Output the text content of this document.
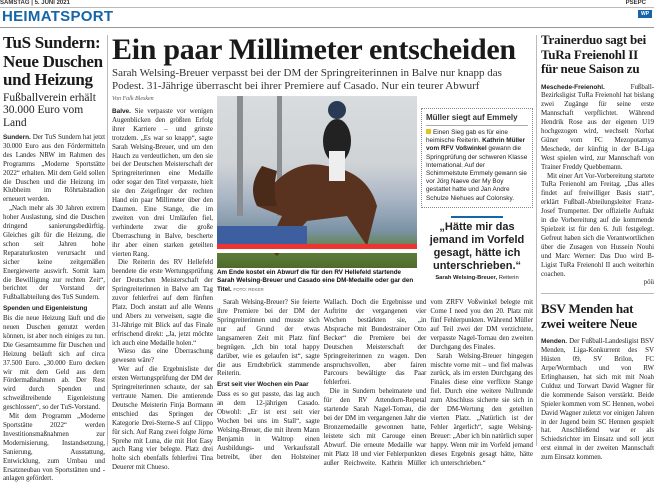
SAMSTAG | 5. JUNI 2021	PSEPC
HEIMATSPORT	WP
TuS Sundern: Neue Duschen und Heizung
Fußballverein erhält 30.000 Euro vom Land

Sundern. Der TuS Sundern hat jetzt 30.000 Euro aus den Fördermitteln des Landes NRW im Rahmen des Programms „Moderne Sportstätte 2022“ erhalten. Mit dem Geld sollen die Duschen und die Heizung im Klubheim im Röhrtalstadion erneuert werden.

„Nach mehr als 30 Jahren extrem hoher Auslastung, sind die Duschen dringend sanierungsbedürftig. Gleiches gilt für die Heizung, die schon seit Jahren hohe Reparaturkosten verursacht und sicher keine zeitgemäßen Energiewerte auswirft. Somit kam die Bewilligung zur rechten Zeit“, berichtet der Vorstand der Fußballabteilung des TuS Sundern.

Spenden und Eigenleistung

Bis die neue Heizung läuft und die neuen Duschen genutzt werden können, ist aber noch einiges zu tun. Die Gesamtsumme für Duschen und Heizung beläuft sich auf circa 37.500 Euro. „30.000 Euro decken wir mit dem Geld aus dem Fördermaßnahmen ab. Der Rest wird durch Spenden und schweißtreibende Eigenleistung geschlossen“, so der TuS-Vorstand.

Mit dem Programm „Moderne Sportstätte 2022“ werden Investitionsmaßnahmen zur Modernisierung, Instandsetzung, Sanierung, Ausstattung, Entwicklung, zum Umbau und Ersatzneubau von Sportstätten und -anlagen gefördert.

Ein paar Millimeter entscheiden
Sarah Welsing-Breuer verpasst bei der DM der Springreiterinnen in Balve nur knapp das Podest. 31-Jährige überrascht bei ihrer Premiere auf Casado. Nur ein teurer Abwurf
Von Falk Blesken

Balve. Sie verpasste vor wenigen Augenblicken den größten Erfolg ihrer Karriere – und grinste trotzdem. „Es war so knapp“, sagte Sarah Welsing-Breuer, und um den Hauch zu verdeutlichen, um den sie bei der Deutschen Meisterschaft der Springreiterinnen eine Medaille oder sogar den Titel verpasste, hielt sie den Zeigefinger der rechten Hand ein paar Millimeter über den Daumen. Eine Stange, die im zweiten von drei Umläufen fiel, verhinderte zwar die große Überraschung in Balve, bescherte ihr aber einen starken geteilten vierten Rang.

Die Reiterin des RV Hellefeld beendete die erste Wertungsprüfung der Deutschen Meisterschaft der Springreiterinnen in Balve am Tag zuvor fehlerfrei auf dem fünften Platz. Doch anstatt auf alle Wenns und Abers zu verweisen, sagte die 31-Jährige mit Blick auf das Finale erfrischend direkt: „Ja, jetzt möchte ich auch eine Medaille holen.“

Wieso das eine Überraschung gewesen wäre?

Wer auf die Ergebnisliste der ersten Wertungsprüfung der DM der Springreiterinnen schaute, der sah vertraute Namen. Die amtierende Deutsche Meisterin Finja Bormann entschied das Springen der Kategorie Drei-Sterne-S auf Clippo für sich. Auf Rang zwei folgte Jörne Sprehe mit Luna, die mit Hot Easy auch Rang vier belegte. Platz drei holte sich ebenfalls fehlerfrei Tina Deuerer mit Chueso.

Am Ende kostet ein Abwurf die für den RV Hellefeld startende Sarah Welsing-Breuer und Casado eine DM-Medaille oder gar den Titel. FOTO: REKER
Müller siegt auf Emmely

Einen Sieg gab es für eine heimische Reiterin. Kathrin Müller vom RFV Voßwinkel gewann die Springprüfung der schweren Klasse International. Auf der Schimmelstute Emmely gewann sie vor Jörg Naeve der My Boy gestattet hatte und Jan Andre Schulze Niehues auf Colonsky.

„Hätte mir das jemand im Vorfeld gesagt, hätte ich unterschrieben.“
Sarah Welsing-Breuer, Reiterin

Sarah Welsing-Breuer? Sie feierte ihre Premiere bei der DM der Springreiterinnen und musste sich nur auf Grund der etwas langsameren Zeit mit Platz fünf begnügen. „Ich bin total happy darüber, wie es gelaufen ist“, sagte die aus Erndtebrück stammende Reiterin.

Erst seit vier Wochen ein Paar

Dass es so gut passte, das lag auch an dem 12-jährigen Casado. Obwohl: „Er ist erst seit vier Wochen bei uns im Stall“, sagte Welsing-Breuer, die mit ihrem Mann Benjamin in Waltrop einen Ausbildungs- und Verkaufsstall betreibt, über den Holsteiner Wallach. Doch die Ergebnisse und Auftritte der vergangenen vier Wochen bestärkten sie, „in Absprache mit Bundestrainer Otto Becker“ die Premiere bei der Deutschen Meisterschaft der Springreiterinnen zu wagen. Den anspruchsvollen, aber fairen Parcours bewältigte das Paar fehlerfrei.

Die in Sundern beheimatete und für den RV Attendorn-Repetal startende Sarah Nagel-Tomau, die bei der DM im vergangenen Jahr die Bronzemedaille gewonnen hatte, leistete sich mit Carouge einen Abwurf. Die erneute Medaille war mit Platz 18 und vier Fehlerpunkten außer Reichweite. Kathrin Müller vom ZRFV Voßwinkel belegte mit Come I need you den 20. Platz mit fünf Fehlerpunkten. Während Müller auf Teil zwei der DM verzichtete, verpasste Nagel-Tornau den zweiten Durchgang des Finales.

Sarah Welsing-Breuer hingegen mischte vorne mit – und fiel malwas zurück, als im ersten Durchgang des Finales diese eine verflixte Stange fiel. Durch eine weitere Nullrunde zum Abschluss sicherte sie sich in der DM-Wertung den geteilten vierten Platz. „Natürlich ist der Fehler ärgerlich“, sagte Welsing-Breuer: „Aber ich bin natürlich super happy. Wenn mir im Vorfeld jemand dieses Ergebnis gesagt hätte, hätte ich unterschrieben.“

Trainerduo sagt bei TuRa Freienohl II für neue Saison zu

Meschede-Freienohl.	Fußball-Bezirksligist TuRa Freienohl hat bislang zwei Zugänge für seine erste Mannschaft verpflichtet. Während Hendrik Rose aus der eigenen U19 hochgezogen wird, wechselt Norhat Güner vom FC Mezopotamya Meschede, der künftig in der B-Liga West spielen wird, zur Mannschaft von Trainer Freddy Quebbemann.

Mit einer Art Vor-Vorbereitung startete TuRa Freienohl am Freitag. „Das alles findet auf freiwilliger Basis statt“, erklärt Fußball-Abteilungsleiter Franz-Josef Trumpetter. Der offizielle Auftakt in die Vorbereitung auf die kommende Spielzeit ist für den 6. Juli festgelegt. Gefreut haben sich die Verantwortlichen über die Zusagen von Hussein Nouhi und Marc Werner: Das Duo wird B-Ligist TuRa Freienohl II auch weiterhin coachen.

pöü

BSV Menden hat zwei weitere Neue

Menden. Der Fußball-Landesligist BSV Menden, Liga-Konkurrent des SV Hüsten 09, SV Brilon, FC Arpe/Wormbach und von RW Erlinghausen, hat sich mit mit Noah Culduz und Torwart David Wagner für die kommende Saison verstärkt. Beide Spieler kommen vom SC Hennen, wobei David Wagner zuletzt vor einigen Jahren in der Jugend beim SC Hennen gespielt hat. Anschließend war er als Schiedsrichter im Einsatz und soll jetzt erst einmal in der zweiten Mannschaft zum Einsatz kommen.
